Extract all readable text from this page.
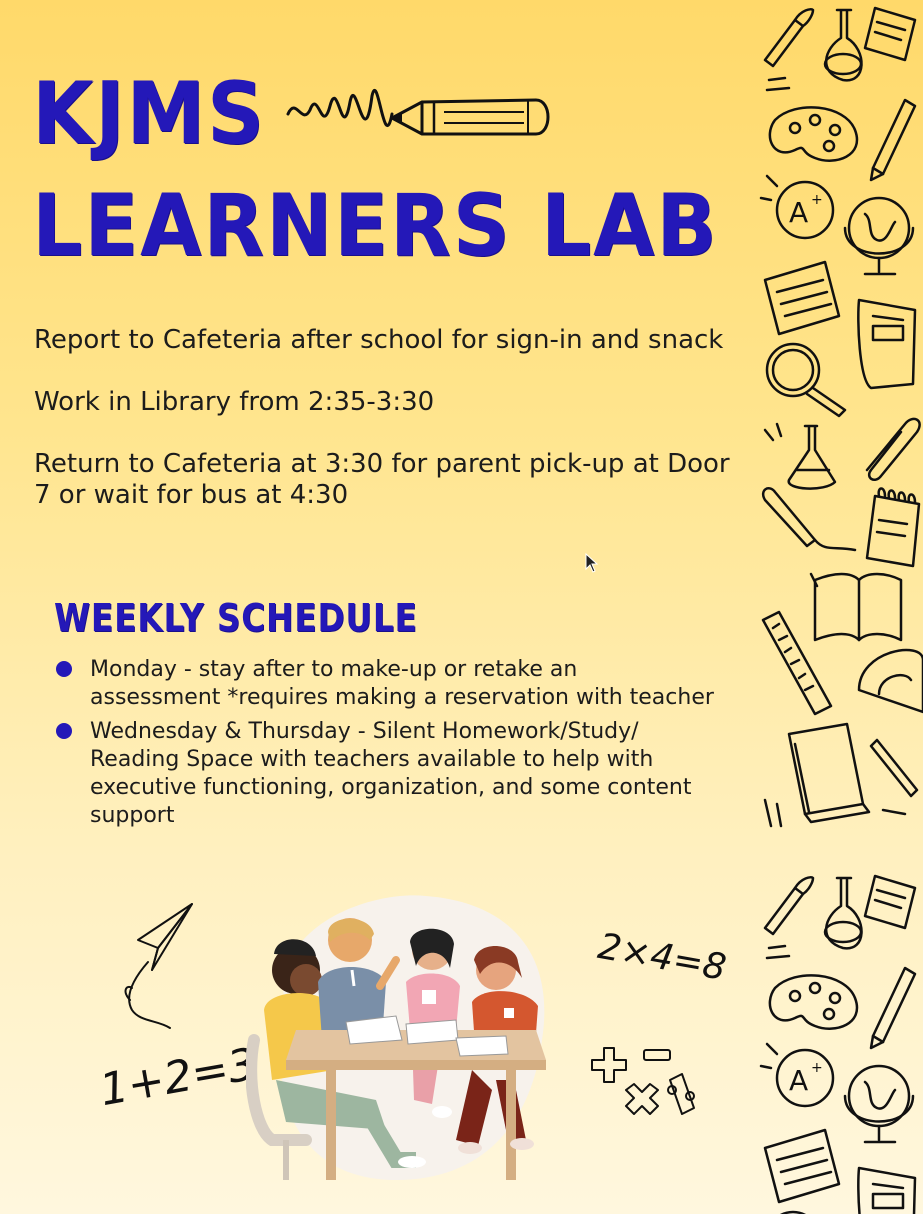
KJMS
LEARNERS LAB

Report to Cafeteria after school for sign-in and snack

Work in Library from 2:35-3:30

Return to Cafeteria at 3:30 for parent pick-up at Door 7 or wait for bus at 4:30

WEEKLY SCHEDULE
Monday - stay after to make-up or retake an assessment *requires making a reservation with teacher
Wednesday & Thursday - Silent Homework/Study/ Reading Space with teachers available to help with executive functioning, organization, and some content support
A +

1+2=3

2×4=8
